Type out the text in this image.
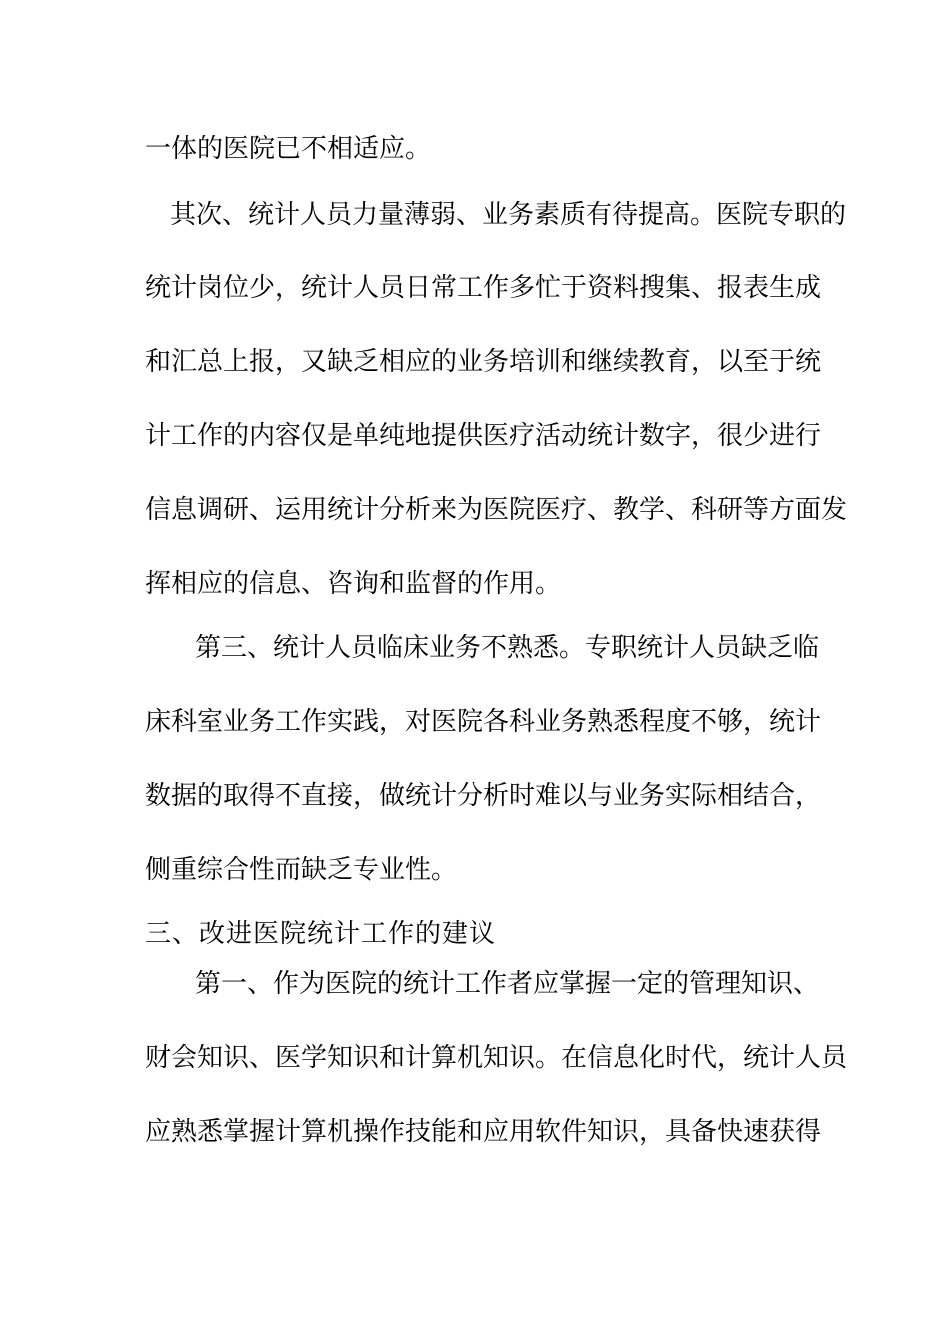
一体的医院已不相适应。
其次、统计人员力量薄弱、业务素质有待提高。医院专职的
统计岗位少，统计人员日常工作多忙于资料搜集、报表生成
和汇总上报，又缺乏相应的业务培训和继续教育，以至于统
计工作的内容仅是单纯地提供医疗活动统计数字，很少进行
信息调研、运用统计分析来为医院医疗、教学、科研等方面发
挥相应的信息、咨询和监督的作用。
第三、统计人员临床业务不熟悉。专职统计人员缺乏临
床科室业务工作实践，对医院各科业务熟悉程度不够，统计
数据的取得不直接，做统计分析时难以与业务实际相结合，
侧重综合性而缺乏专业性。
三、改进医院统计工作的建议
第一、作为医院的统计工作者应掌握一定的管理知识、
财会知识、医学知识和计算机知识。在信息化时代，统计人员
应熟悉掌握计算机操作技能和应用软件知识，具备快速获得
